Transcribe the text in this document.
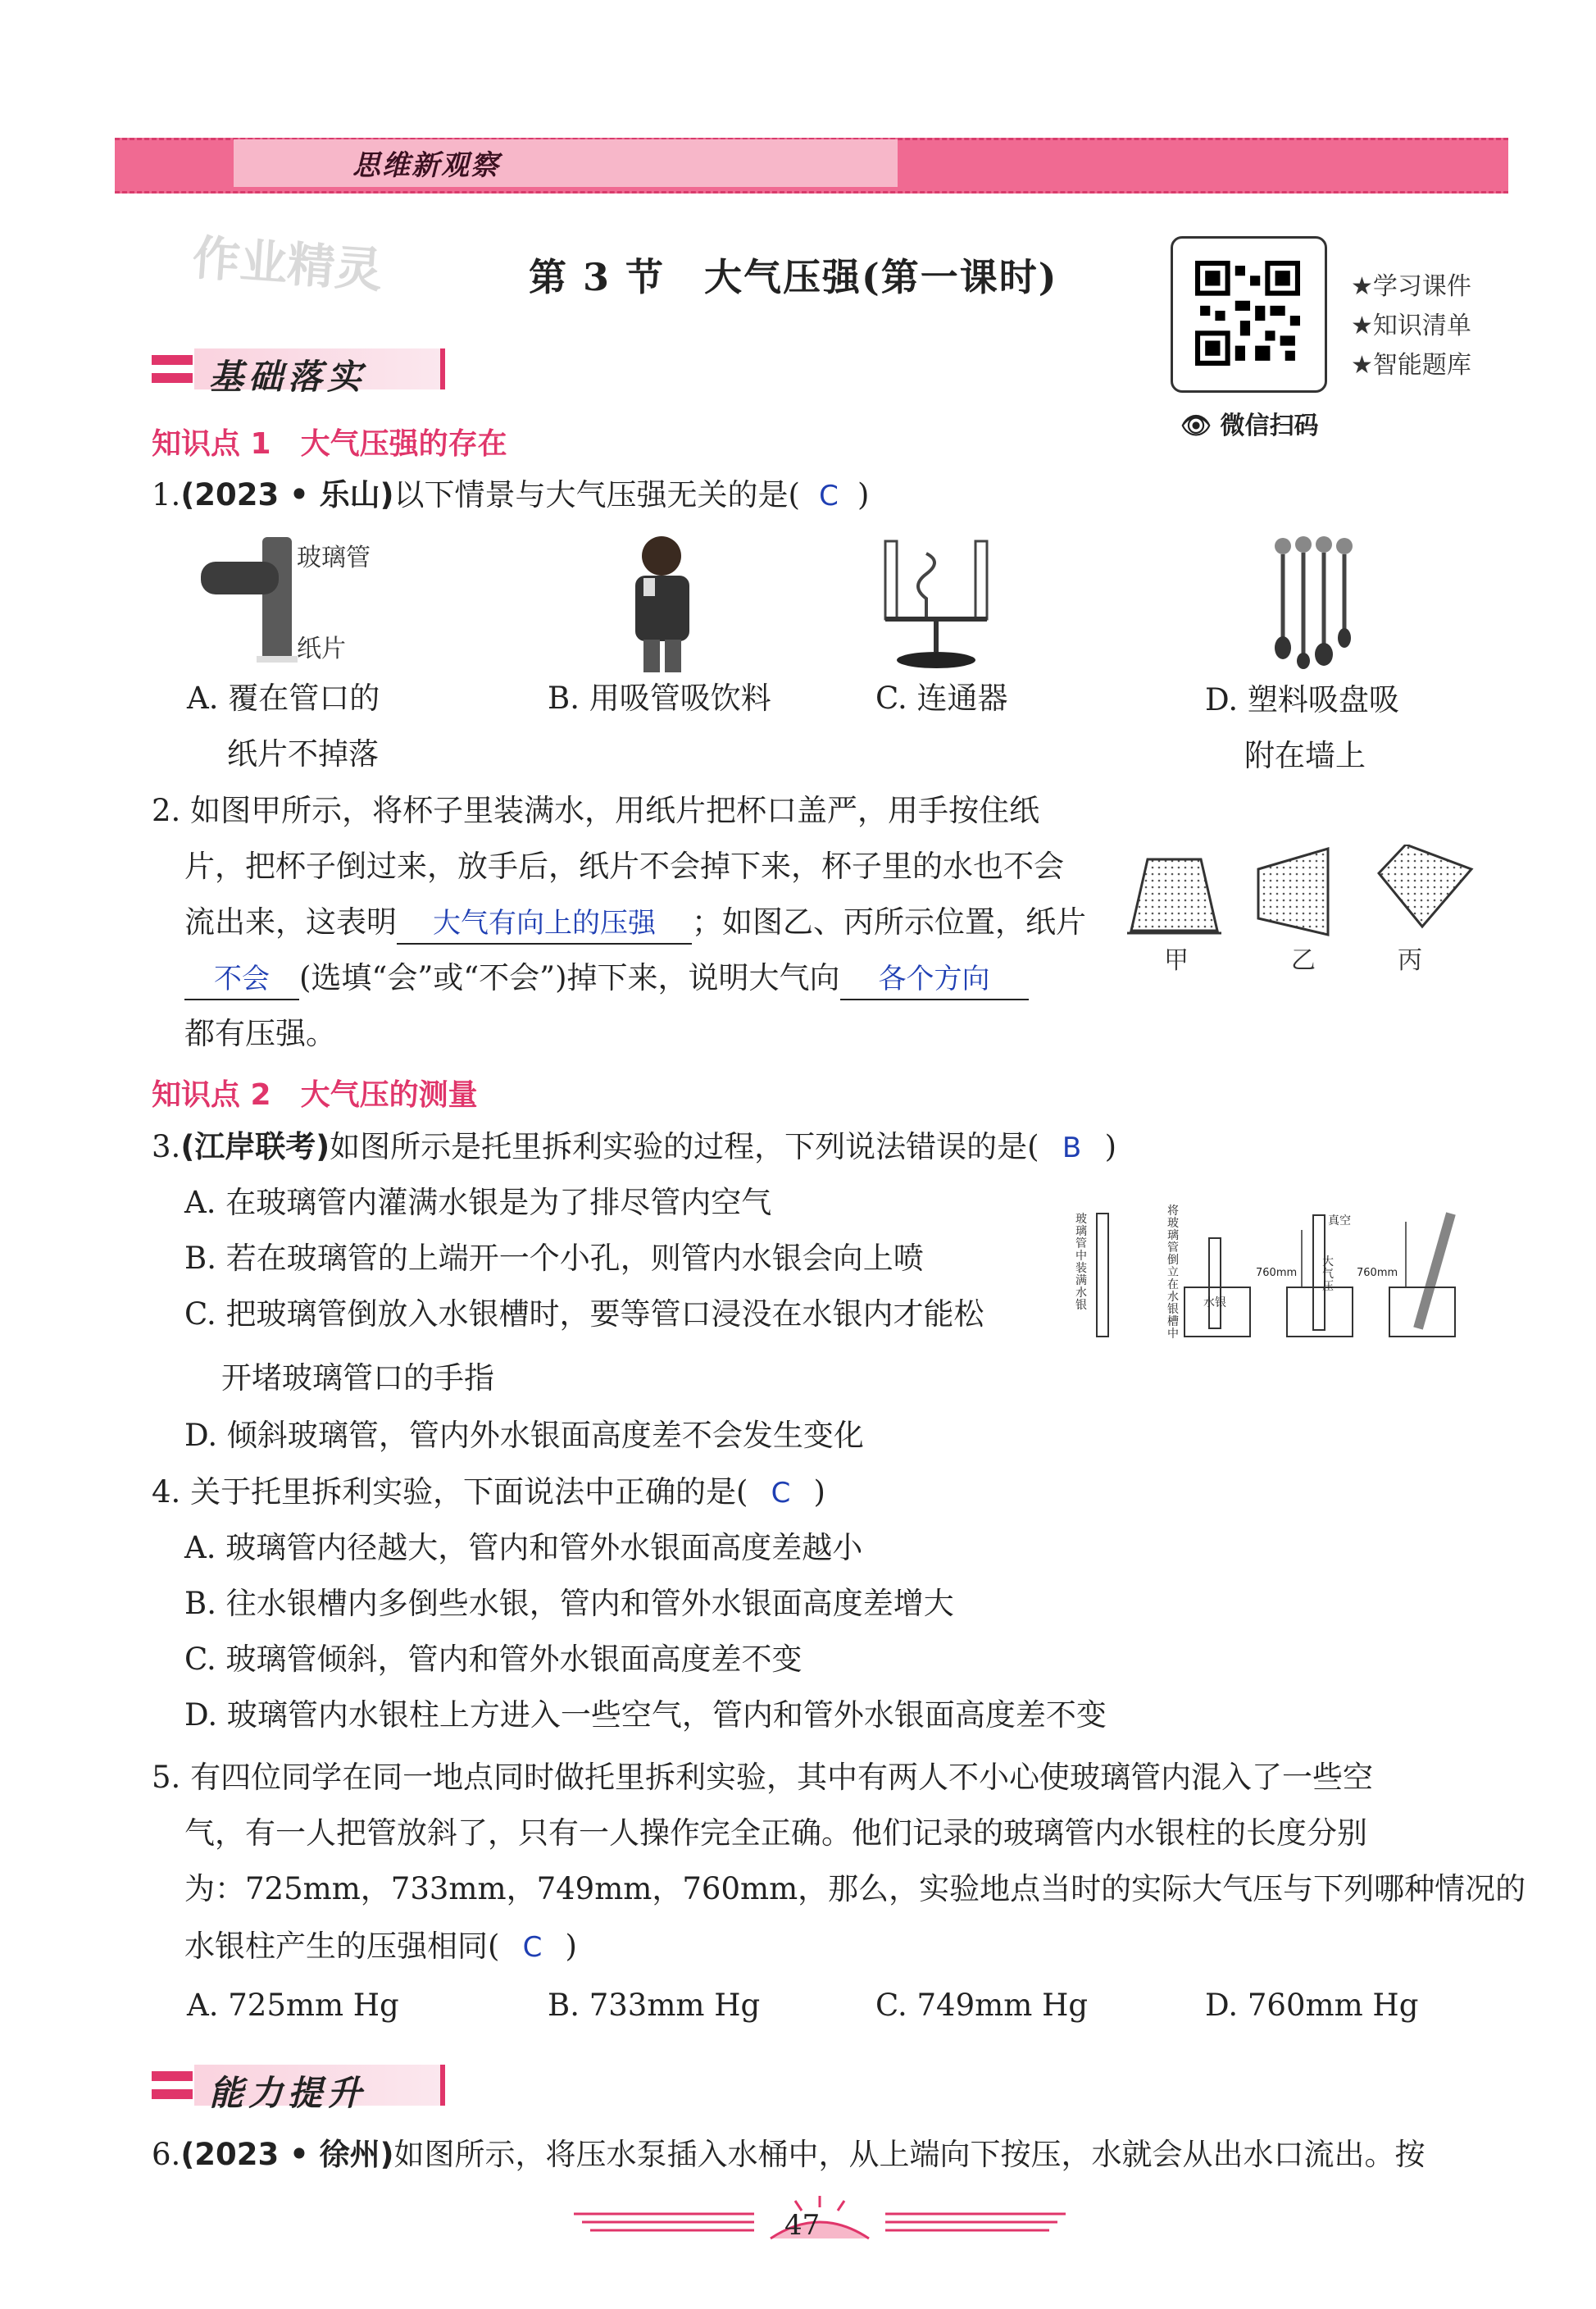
思维新观察
作业精灵	第 3 节　大气压强(第一课时)	★学习课件
★知识清单
★智能题库
👁 微信扫码
基础落实
知识点 1　大气压强的存在
1.(2023 • 乐山)以下情景与大气压强无关的是( C )
玻璃管
纸片
A. 覆在管口的
纸片不掉落
B. 用吸管吸饮料	C. 连通器	D. 塑料吸盘吸
附在墙上
2. 如图甲所示，将杯子里装满水，用纸片把杯口盖严，用手按住纸
片，把杯子倒过来，放手后，纸片不会掉下来，杯子里的水也不会
流出来，这表明 大气有向上的压强 ；如图乙、丙所示位置，纸片
不会 (选填“会”或“不会”)掉下来，说明大气向 各个方向
都有压强。
甲	乙	丙
知识点 2　大气压的测量
3.(江岸联考)如图所示是托里拆利实验的过程，下列说法错误的是( B )
A. 在玻璃管内灌满水银是为了排尽管内空气
B. 若在玻璃管的上端开一个小孔，则管内水银会向上喷
C. 把玻璃管倒放入水银槽时，要等管口浸没在水银内才能松
开堵玻璃管口的手指
D. 倾斜玻璃管，管内外水银面高度差不会发生变化
玻璃管中装满水银
将玻璃管倒立在水银槽中
水银
真空
760mm
大气压
760mm
4. 关于托里拆利实验，下面说法中正确的是( C )
A. 玻璃管内径越大，管内和管外水银面高度差越小
B. 往水银槽内多倒些水银，管内和管外水银面高度差增大
C. 玻璃管倾斜，管内和管外水银面高度差不变
D. 玻璃管内水银柱上方进入一些空气，管内和管外水银面高度差不变
5. 有四位同学在同一地点同时做托里拆利实验，其中有两人不小心使玻璃管内混入了一些空
气，有一人把管放斜了，只有一人操作完全正确。他们记录的玻璃管内水银柱的长度分别
为：725mm，733mm，749mm，760mm，那么，实验地点当时的实际大气压与下列哪种情况的
水银柱产生的压强相同( C )
A. 725mm Hg	B. 733mm Hg	C. 749mm Hg	D. 760mm Hg
能力提升
6.(2023 • 徐州)如图所示，将压水泵插入水桶中，从上端向下按压，水就会从出水口流出。按
47
